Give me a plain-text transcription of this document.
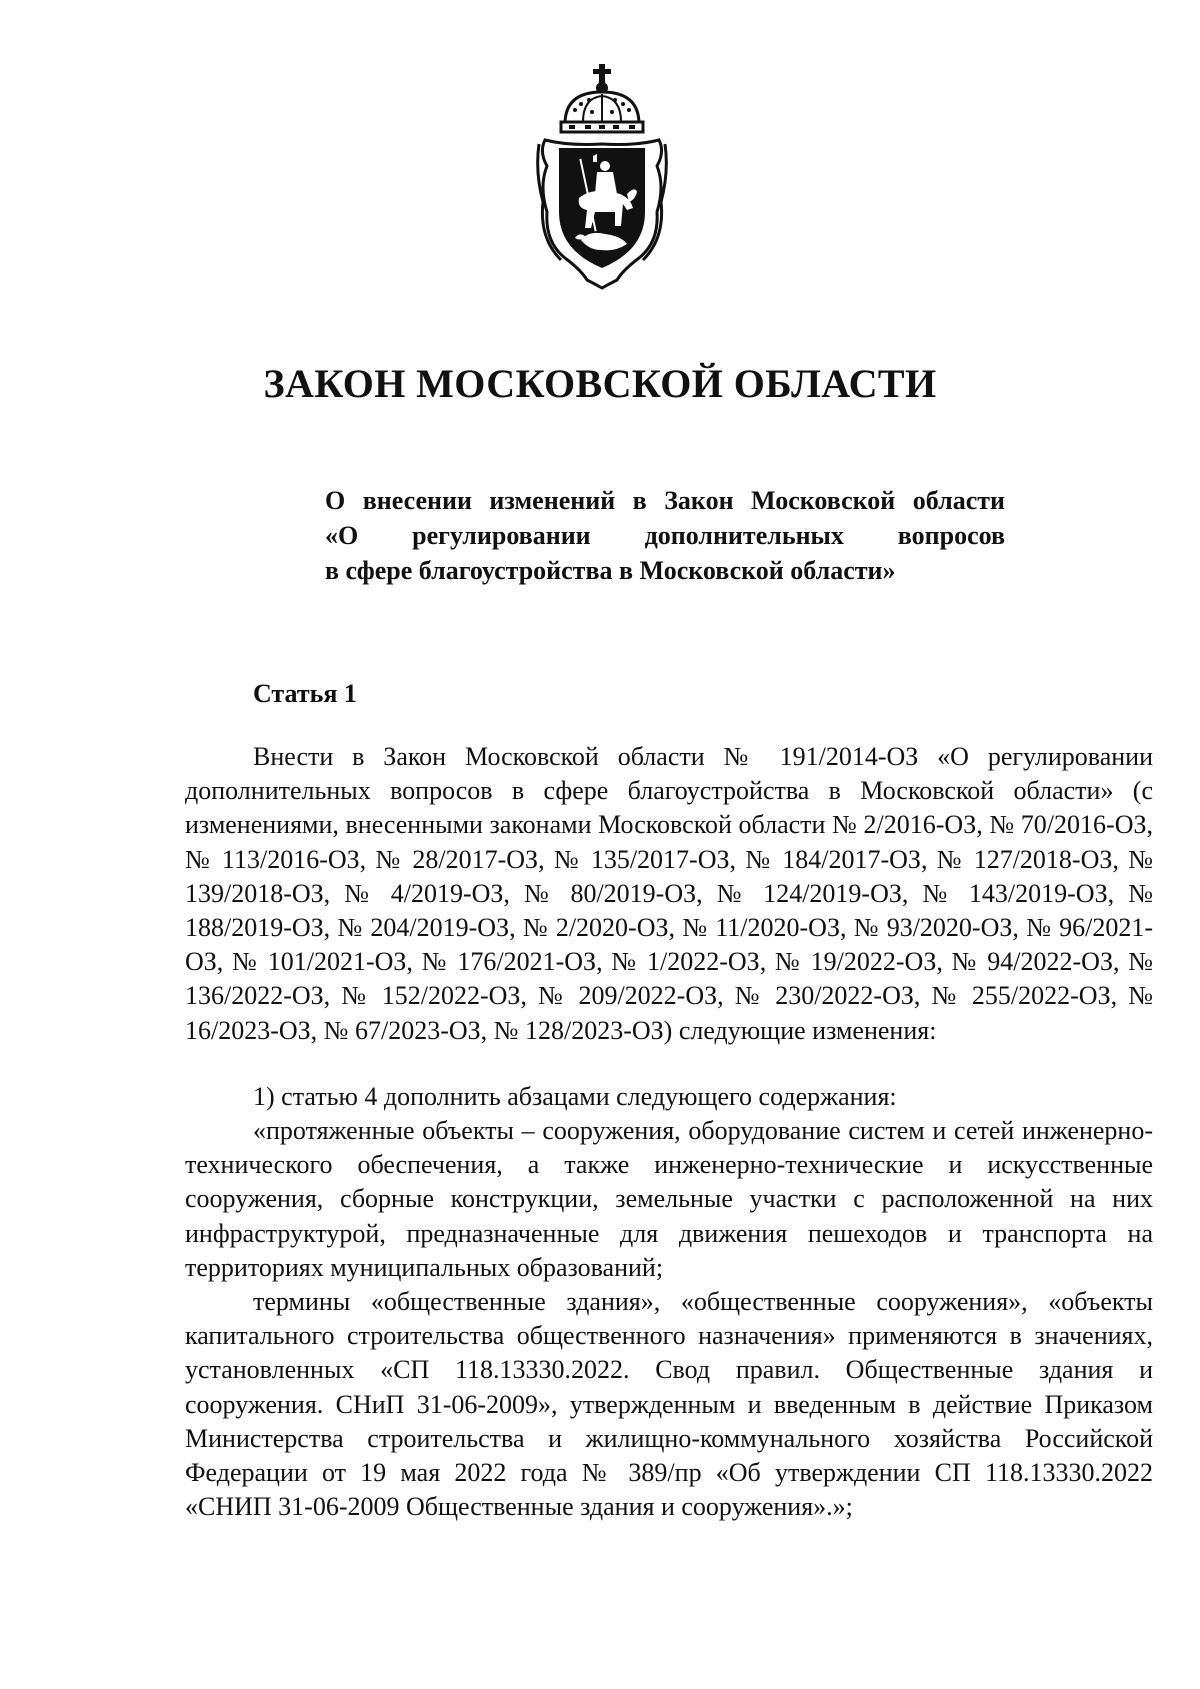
ЗАКОН МОСКОВСКОЙ ОБЛАСТИ
О внесении изменений в Закон Московской области
«О регулировании дополнительных вопросов
в сфере благоустройства в Московской области»
Статья 1

Внести в Закон Московской области № 191/2014-ОЗ «О регулировании дополнительных вопросов в сфере благоустройства в Московской области» (с изменениями, внесенными законами Московской области № 2/2016-ОЗ, № 70/2016-ОЗ, № 113/2016-ОЗ, № 28/2017-ОЗ, № 135/2017-ОЗ, № 184/2017-ОЗ, № 127/2018-ОЗ, № 139/2018-ОЗ, № 4/2019-ОЗ, № 80/2019-ОЗ, № 124/2019-ОЗ, № 143/2019-ОЗ, № 188/2019-ОЗ, № 204/2019-ОЗ, № 2/2020-ОЗ, № 11/2020-ОЗ, № 93/2020-ОЗ, № 96/2021-ОЗ, № 101/2021-ОЗ, № 176/2021-ОЗ, № 1/2022-ОЗ, № 19/2022-ОЗ, № 94/2022-ОЗ, № 136/2022-ОЗ, № 152/2022-ОЗ, № 209/2022-ОЗ, № 230/2022-ОЗ, № 255/2022-ОЗ, № 16/2023-ОЗ, № 67/2023-ОЗ, № 128/2023-ОЗ) следующие изменения:

1) статью 4 дополнить абзацами следующего содержания:

«протяженные объекты – сооружения, оборудование систем и сетей инженерно-технического обеспечения, а также инженерно-технические и искусственные сооружения, сборные конструкции, земельные участки с расположенной на них инфраструктурой, предназначенные для движения пешеходов и транспорта на территориях муниципальных образований;

термины «общественные здания», «общественные сооружения», «объекты капитального строительства общественного назначения» применяются в значениях, установленных «СП 118.13330.2022. Свод правил. Общественные здания и сооружения. СНиП 31-06-2009», утвержденным и введенным в действие Приказом Министерства строительства и жилищно-коммунального хозяйства Российской Федерации от 19 мая 2022 года № 389/пр «Об утверждении СП 118.13330.2022 «СНИП 31-06-2009 Общественные здания и сооружения».»;
